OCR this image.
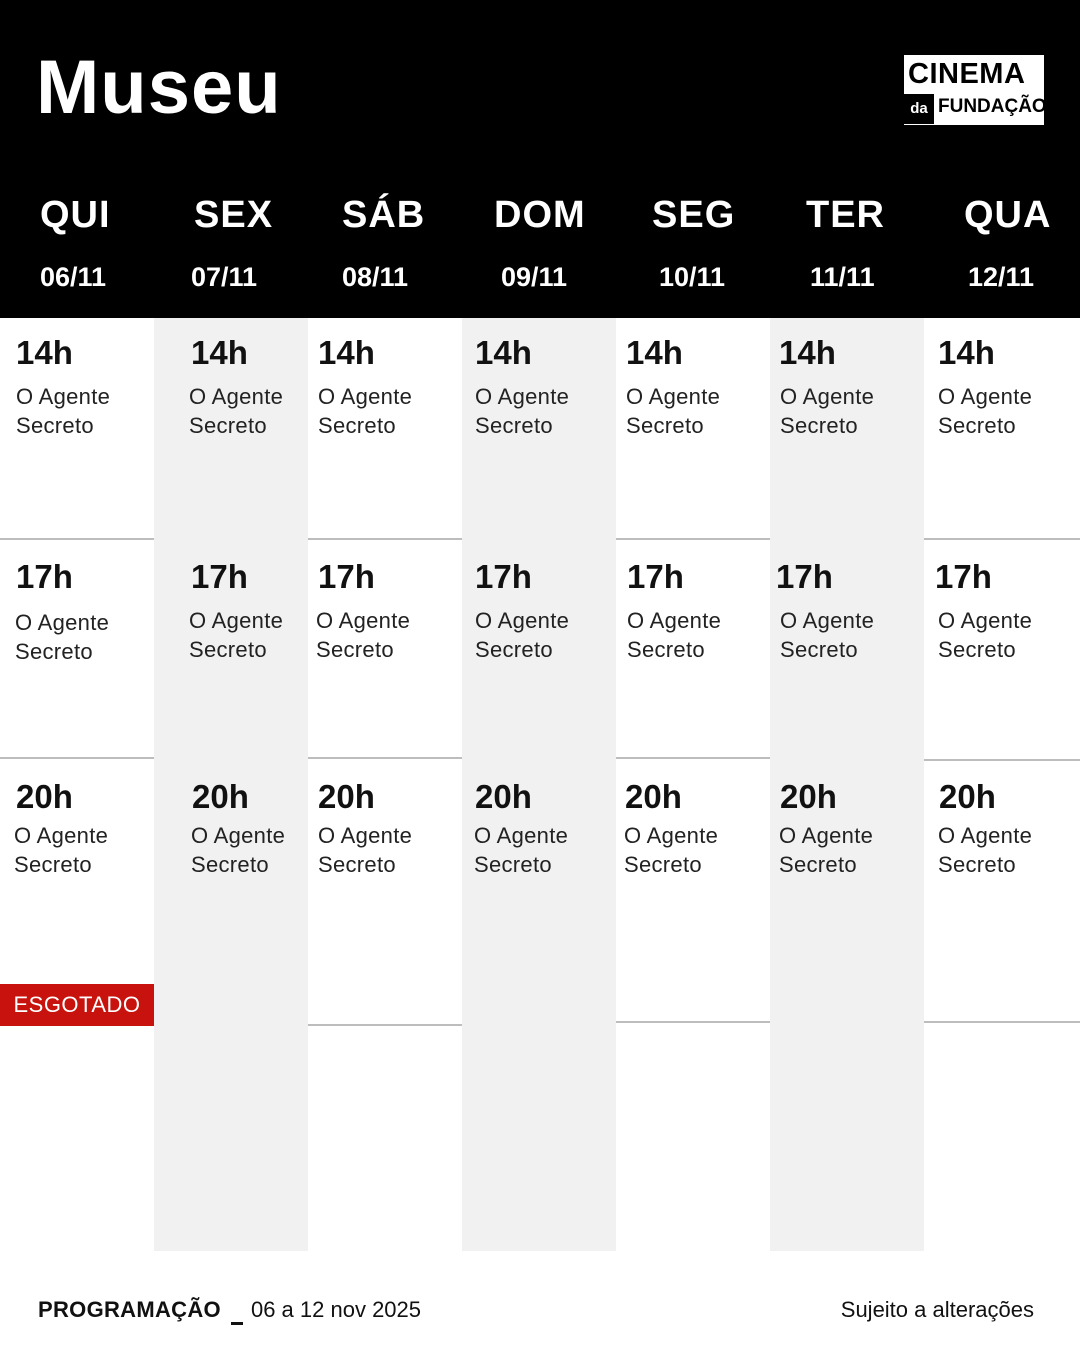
Museu	CINEMA
da FUNDAÇÃO
QUI
06/11
SEX
07/11
SÁB
08/11
DOM
09/11
SEG
10/11
TER
11/11
QUA
12/11
14h
O Agente Secreto
17h
O Agente Secreto
20h
O Agente Secreto
ESGOTADO
14h
O Agente Secreto
17h
O Agente Secreto
20h
O Agente Secreto
14h
O Agente Secreto
17h
O Agente Secreto
20h
O Agente Secreto
14h
O Agente Secreto
17h
O Agente Secreto
20h
O Agente Secreto
14h
O Agente Secreto
17h
O Agente Secreto
20h
O Agente Secreto
14h
O Agente Secreto
17h
O Agente Secreto
20h
O Agente Secreto
14h
O Agente Secreto
17h
O Agente Secreto
20h
O Agente Secreto
PROGRAMAÇÃO 06 a 12 nov 2025	Sujeito a alterações
